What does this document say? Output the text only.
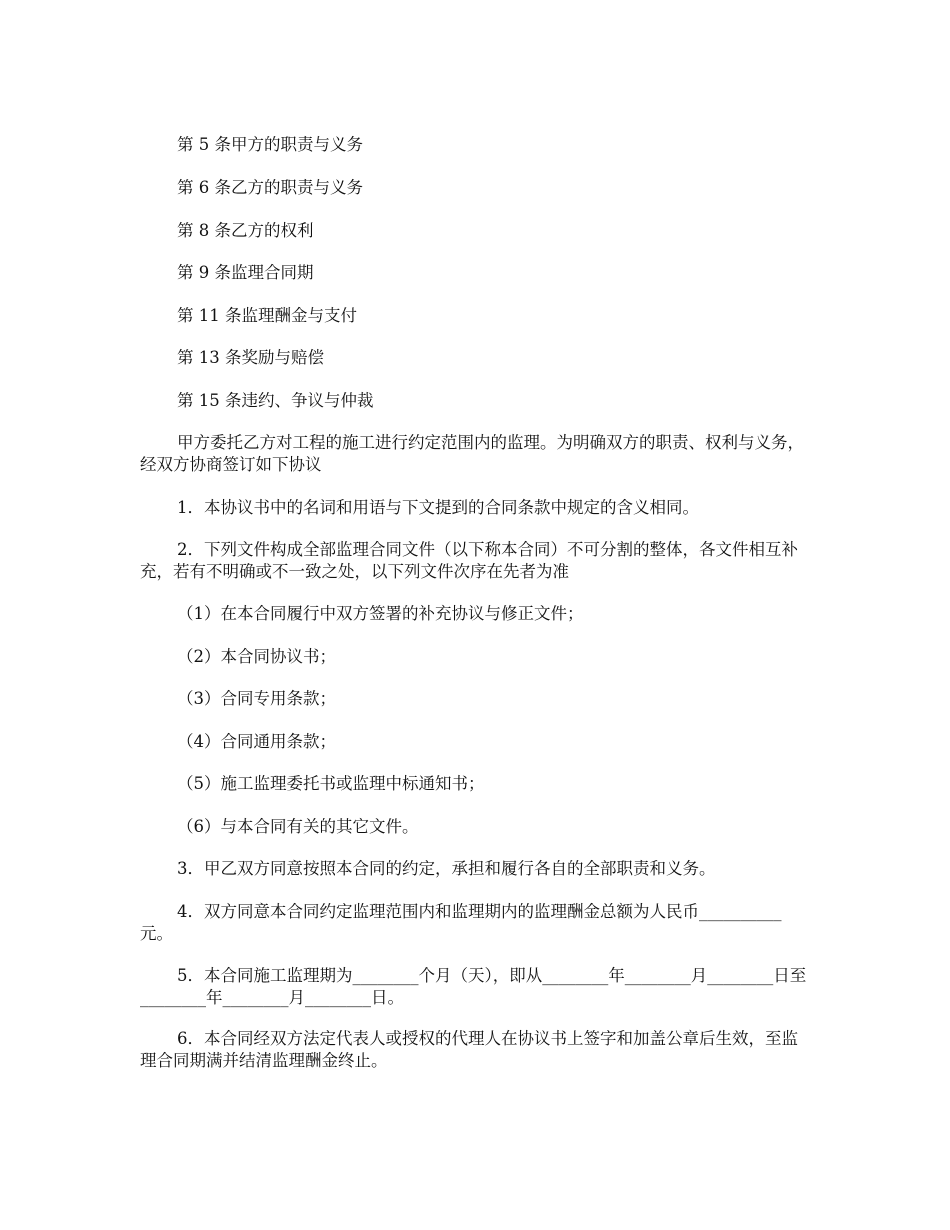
第 5 条甲方的职责与义务
第 6 条乙方的职责与义务
第 8 条乙方的权利
第 9 条监理合同期
第 11 条监理酬金与支付
第 13 条奖励与赔偿
第 15 条违约、争议与仲裁
甲方委托乙方对工程的施工进行约定范围内的监理。为明确双方的职责、权利与义务，经双方协商签订如下协议
1．本协议书中的名词和用语与下文提到的合同条款中规定的含义相同。
2．下列文件构成全部监理合同文件（以下称本合同）不可分割的整体，各文件相互补充，若有不明确或不一致之处，以下列文件次序在先者为准
（1）在本合同履行中双方签署的补充协议与修正文件；
（2）本合同协议书；
（3）合同专用条款；
（4）合同通用条款；
（5）施工监理委托书或监理中标通知书；
（6）与本合同有关的其它文件。
3．甲乙双方同意按照本合同的约定，承担和履行各自的全部职责和义务。
4．双方同意本合同约定监理范围内和监理期内的监理酬金总额为人民币__________元。
5．本合同施工监理期为________个月（天），即从________年________月________日至________年________月________日。
6．本合同经双方法定代表人或授权的代理人在协议书上签字和加盖公章后生效，至监理合同期满并结清监理酬金终止。
